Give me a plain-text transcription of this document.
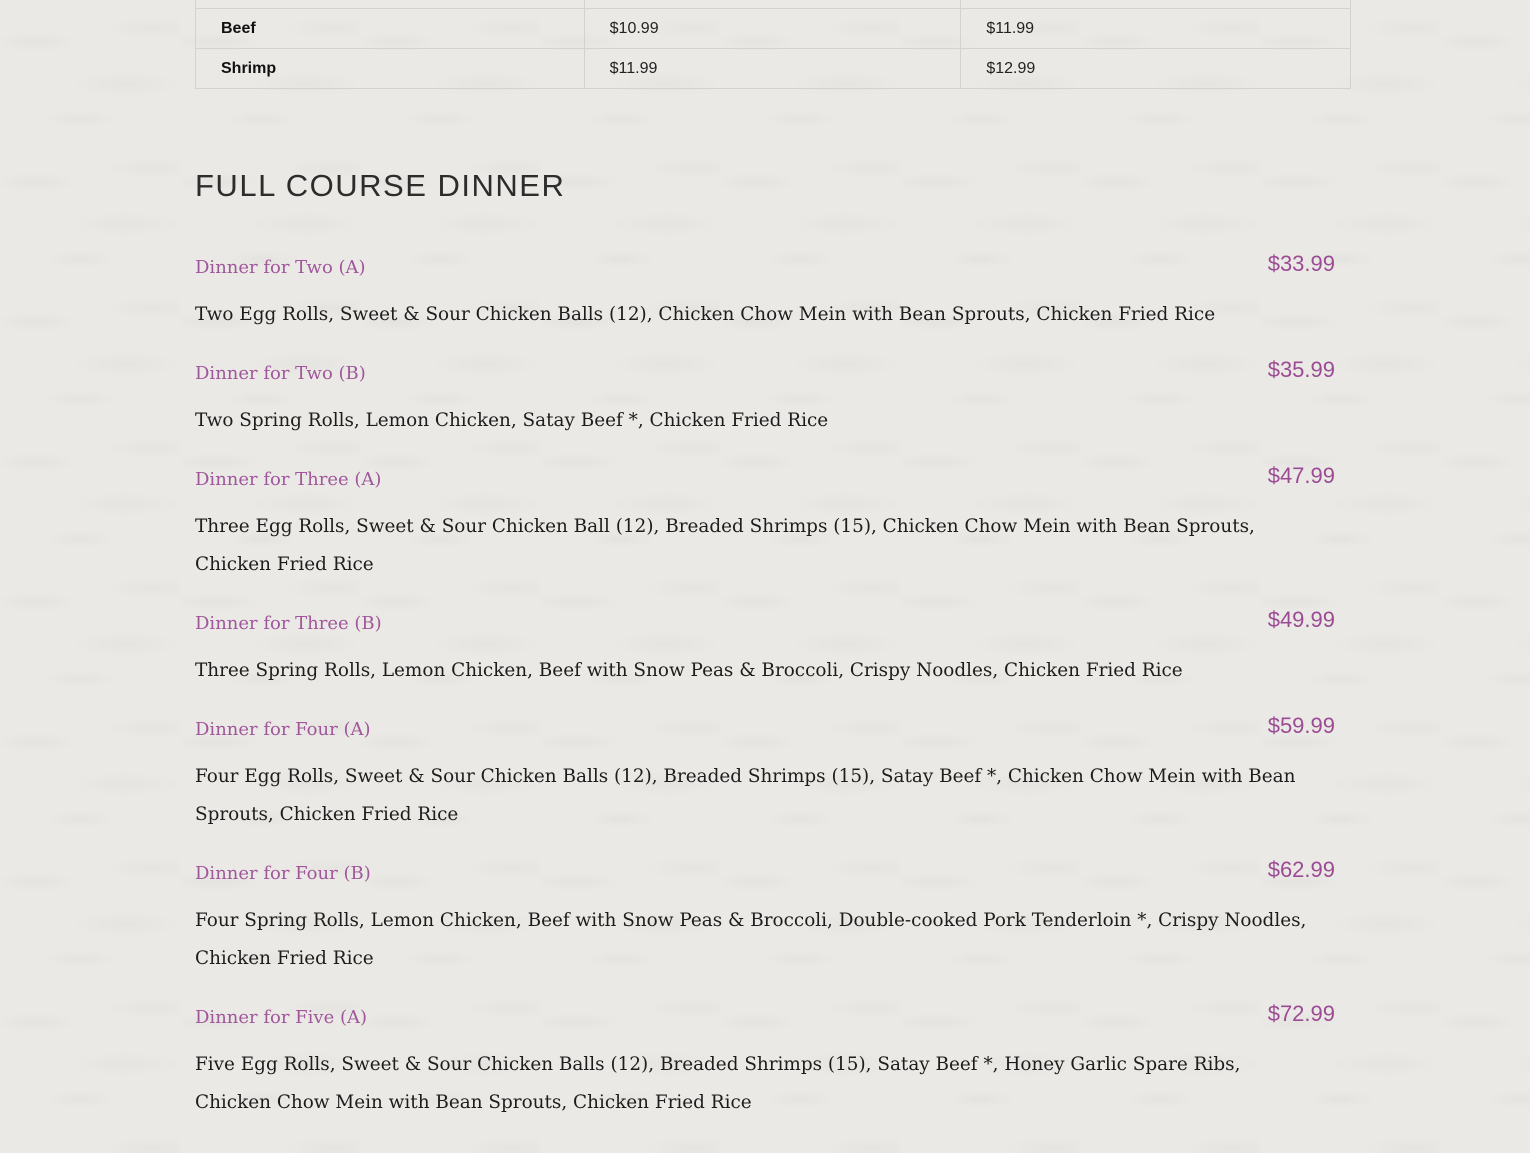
Beef	$10.99	$11.99
Shrimp	$11.99	$12.99
FULL COURSE DINNER
Dinner for Two (A)	$33.99

Two Egg Rolls, Sweet & Sour Chicken Balls (12), Chicken Chow Mein with Bean Sprouts, Chicken Fried Rice

Dinner for Two (B)	$35.99

Two Spring Rolls, Lemon Chicken, Satay Beef *, Chicken Fried Rice

Dinner for Three (A)	$47.99

Three Egg Rolls, Sweet & Sour Chicken Ball (12), Breaded Shrimps (15), Chicken Chow Mein with Bean Sprouts, Chicken Fried Rice

Dinner for Three (B)	$49.99

Three Spring Rolls, Lemon Chicken, Beef with Snow Peas & Broccoli, Crispy Noodles, Chicken Fried Rice

Dinner for Four (A)	$59.99

Four Egg Rolls, Sweet & Sour Chicken Balls (12), Breaded Shrimps (15), Satay Beef *, Chicken Chow Mein with Bean Sprouts, Chicken Fried Rice

Dinner for Four (B)	$62.99

Four Spring Rolls, Lemon Chicken, Beef with Snow Peas & Broccoli, Double-cooked Pork Tenderloin *, Crispy Noodles, Chicken Fried Rice

Dinner for Five (A)	$72.99

Five Egg Rolls, Sweet & Sour Chicken Balls (12), Breaded Shrimps (15), Satay Beef *, Honey Garlic Spare Ribs, Chicken Chow Mein with Bean Sprouts, Chicken Fried Rice
